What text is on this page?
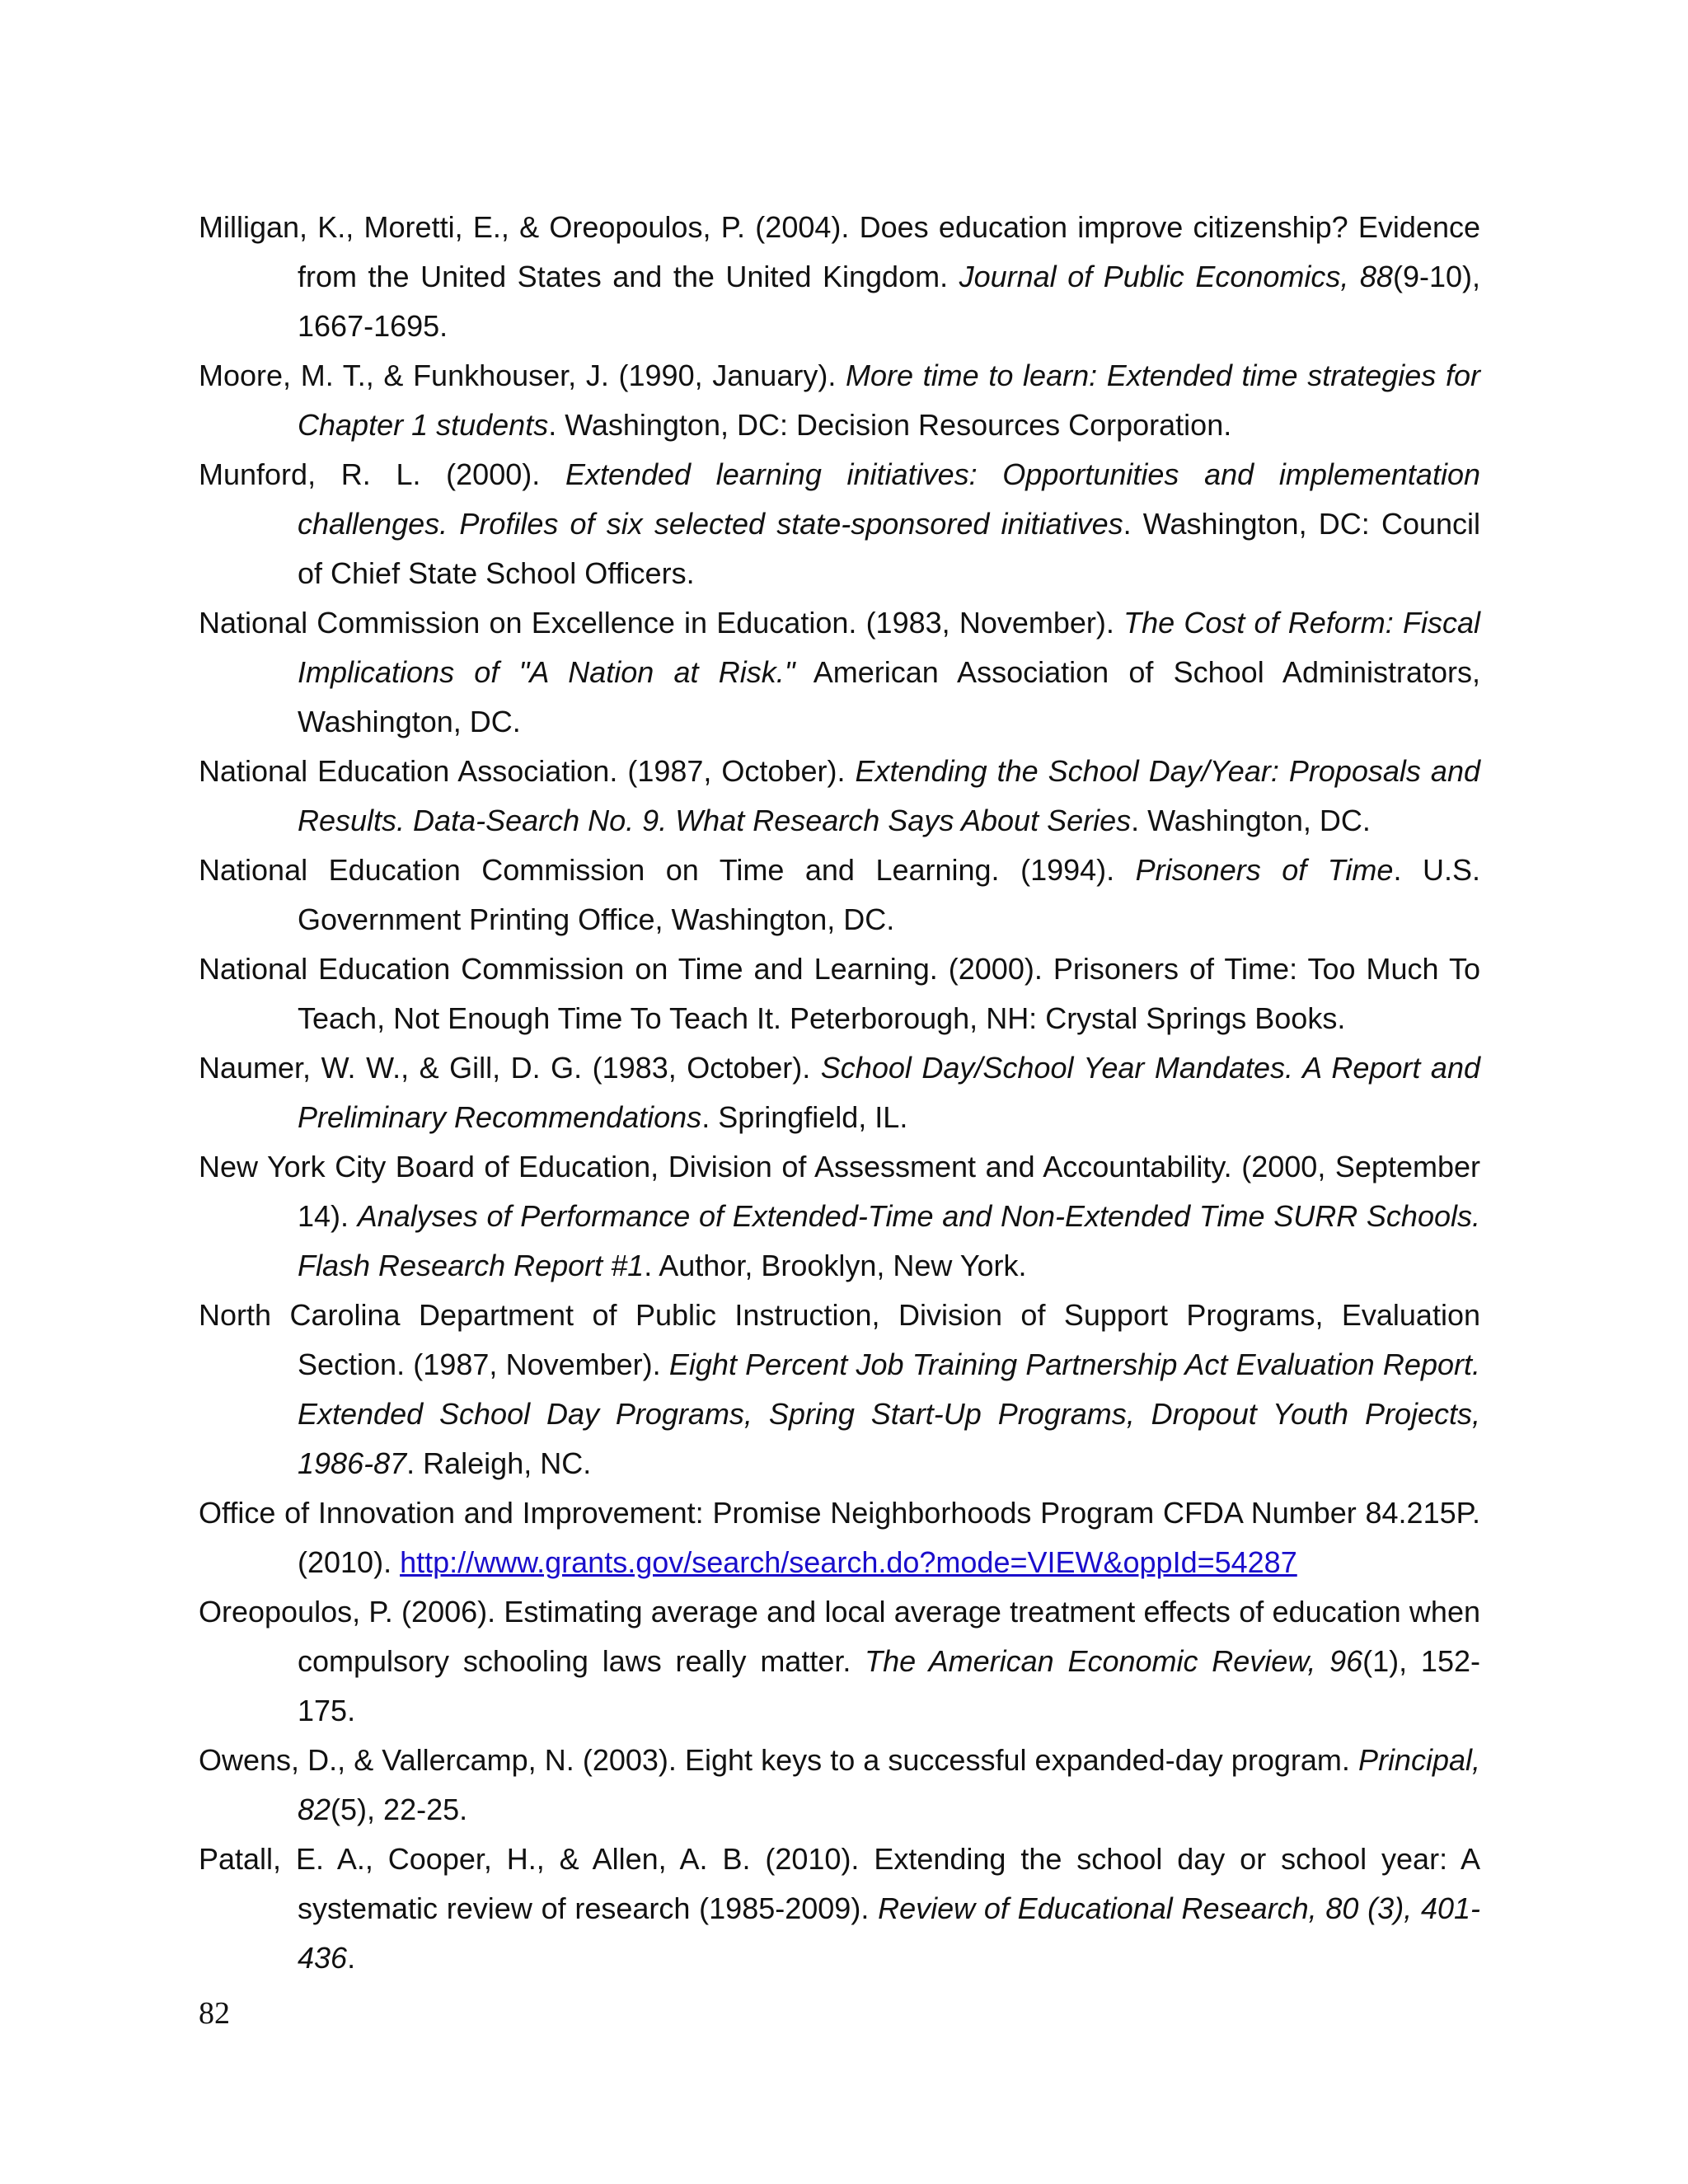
Milligan, K., Moretti, E., & Oreopoulos, P. (2004). Does education improve citizenship? Evidence from the United States and the United Kingdom. Journal of Public Economics, 88(9-10), 1667-1695.

Moore, M. T., & Funkhouser, J. (1990, January). More time to learn: Extended time strategies for Chapter 1 students. Washington, DC: Decision Resources Corporation.

Munford, R. L. (2000). Extended learning initiatives: Opportunities and implementation challenges. Profiles of six selected state-sponsored initiatives. Washington, DC: Council of Chief State School Officers.

National Commission on Excellence in Education. (1983, November). The Cost of Reform: Fiscal Implications of "A Nation at Risk." American Association of School Administrators, Washington, DC.

National Education Association. (1987, October). Extending the School Day/Year: Proposals and Results. Data-Search No. 9. What Research Says About Series. Washington, DC.

National Education Commission on Time and Learning. (1994). Prisoners of Time. U.S. Government Printing Office, Washington, DC.

National Education Commission on Time and Learning. (2000). Prisoners of Time: Too Much To Teach, Not Enough Time To Teach It. Peterborough, NH: Crystal Springs Books.

Naumer, W. W., & Gill, D. G. (1983, October). School Day/School Year Mandates. A Report and Preliminary Recommendations. Springfield, IL.

New York City Board of Education, Division of Assessment and Accountability. (2000, September 14). Analyses of Performance of Extended-Time and Non-Extended Time SURR Schools. Flash Research Report #1. Author, Brooklyn, New York.

North Carolina Department of Public Instruction, Division of Support Programs, Evaluation Section. (1987, November). Eight Percent Job Training Partnership Act Evaluation Report. Extended School Day Programs, Spring Start-Up Programs, Dropout Youth Projects, 1986-87. Raleigh, NC.

Office of Innovation and Improvement: Promise Neighborhoods Program CFDA Number 84.215P. (2010). http://www.grants.gov/search/search.do?mode=VIEW&oppId=54287

Oreopoulos, P. (2006). Estimating average and local average treatment effects of education when compulsory schooling laws really matter. The American Economic Review, 96(1), 152-175.

Owens, D., & Vallercamp, N. (2003). Eight keys to a successful expanded-day program. Principal, 82(5), 22-25.

Patall, E. A., Cooper, H., & Allen, A. B. (2010). Extending the school day or school year: A systematic review of research (1985-2009). Review of Educational Research, 80 (3), 401-436.

82
